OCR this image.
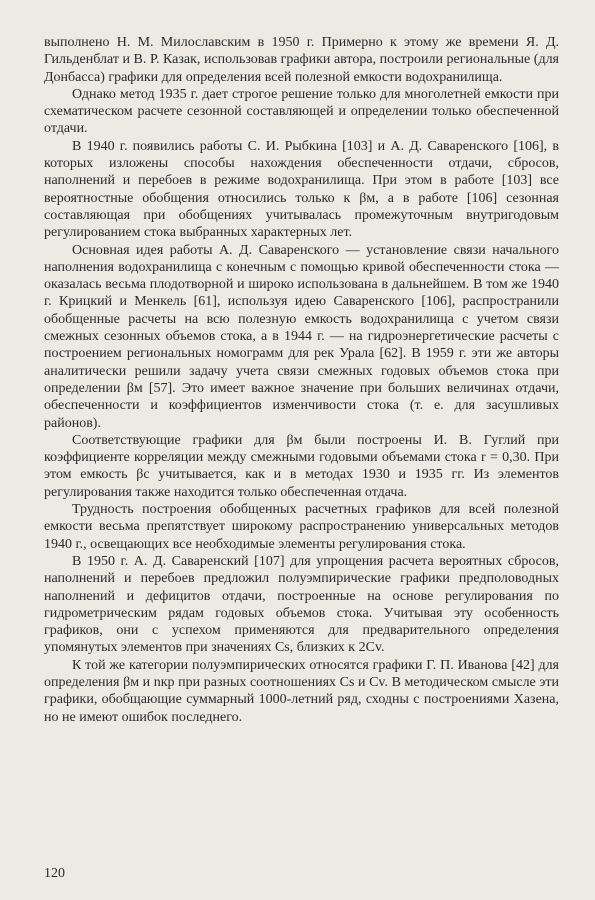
выполнено Н. М. Милославским в 1950 г. Примерно к этому же времени Я. Д. Гильденблат и В. Р. Казак, использовав графики автора, построили региональные (для Донбасса) графики для определения всей полезной емкости водохранилища.

Однако метод 1935 г. дает строгое решение только для многолетней емкости при схематическом расчете сезонной составляющей и определении только обеспеченной отдачи.

В 1940 г. появились работы С. И. Рыбкина [103] и А. Д. Саваренского [106], в которых изложены способы нахождения обеспеченности отдачи, сбросов, наполнений и перебоев в режиме водохранилища. При этом в работе [103] все вероятностные обобщения относились только к βм, а в работе [106] сезонная составляющая при обобщениях учитывалась промежуточным внутригодовым регулированием стока выбранных характерных лет.

Основная идея работы А. Д. Саваренского — установление связи начального наполнения водохранилища с конечным с помощью кривой обеспеченности стока — оказалась весьма плодотворной и широко использована в дальнейшем. В том же 1940 г. Крицкий и Менкель [61], используя идею Саваренского [106], распространили обобщенные расчеты на всю полезную емкость водохранилища с учетом связи смежных сезонных объемов стока, а в 1944 г. — на гидроэнергетические расчеты с построением региональных номограмм для рек Урала [62]. В 1959 г. эти же авторы аналитически решили задачу учета связи смежных годовых объемов стока при определении βм [57]. Это имеет важное значение при больших величинах отдачи, обеспеченности и коэффициентов изменчивости стока (т. е. для засушливых районов).

Соответствующие графики для βм были построены И. В. Гуглий при коэффициенте корреляции между смежными годовыми объемами стока r = 0,30. При этом емкость βс учитывается, как и в методах 1930 и 1935 гг. Из элементов регулирования также находится только обеспеченная отдача.

Трудность построения обобщенных расчетных графиков для всей полезной емкости весьма препятствует широкому распространению универсальных методов 1940 г., освещающих все необходимые элементы регулирования стока.

В 1950 г. А. Д. Саваренский [107] для упрощения расчета вероятных сбросов, наполнений и перебоев предложил полуэмпирические графики предполоводных наполнений и дефицитов отдачи, построенные на основе регулирования по гидрометрическим рядам годовых объемов стока. Учитывая эту особенность графиков, они с успехом применяются для предварительного определения упомянутых элементов при значениях Cs, близких к 2Cv.

К той же категории полуэмпирических относятся графики Г. П. Иванова [42] для определения βм и nкр при разных соотношениях Cs и Cv. В методическом смысле эти графики, обобщающие суммарный 1000-летний ряд, сходны с построениями Хазена, но не имеют ошибок последнего.

120
